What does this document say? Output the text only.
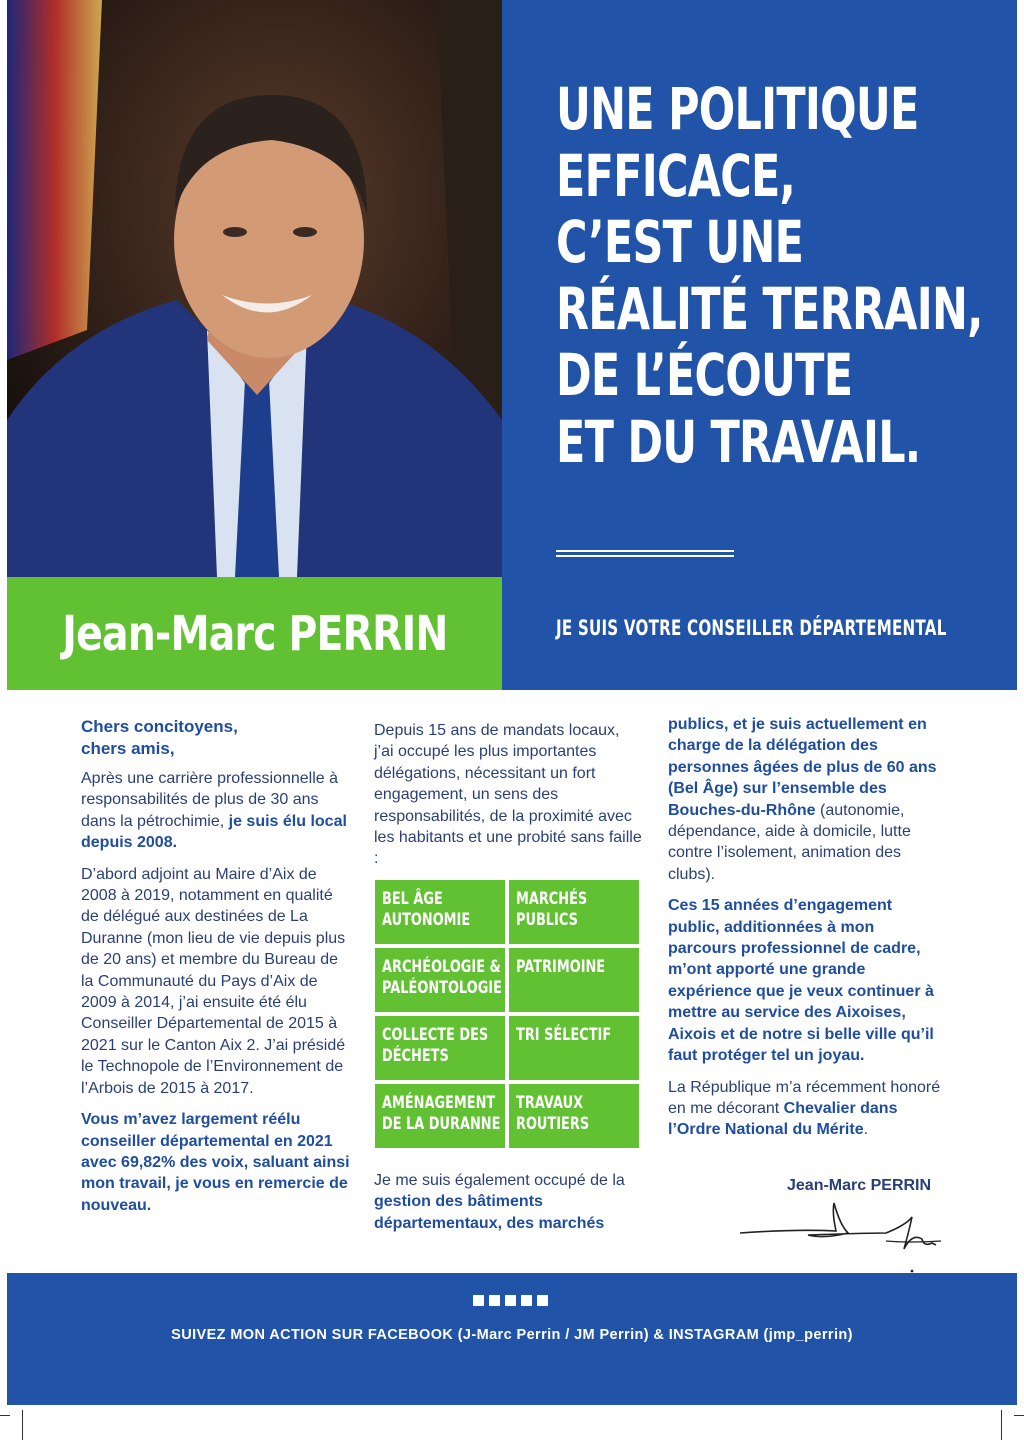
Jean-Marc PERRIN
UNE POLITIQUE
EFFICACE,
C’EST UNE
RÉALITÉ TERRAIN,
DE L’ÉCOUTE
ET DU TRAVAIL.
JE SUIS VOTRE CONSEILLER DÉPARTEMENTAL

Chers concitoyens,
chers amis,

Après une carrière professionnelle à responsabilités de plus de 30 ans dans la pétrochimie, je suis élu local depuis 2008.

D’abord adjoint au Maire d’Aix de 2008 à 2019, notamment en qualité de délégué aux destinées de La Duranne (mon lieu de vie depuis plus de 20 ans) et membre du Bureau de la Communauté du Pays d’Aix de 2009 à 2014, j’ai ensuite été élu Conseiller Départemental de 2015 à 2021 sur le Canton Aix 2. J’ai présidé le Technopole de l’Environnement de l’Arbois de 2015 à 2017.

Vous m’avez largement réélu conseiller départemental en 2021 avec 69,82% des voix, saluant ainsi mon travail, je vous en remercie de nouveau.

Depuis 15 ans de mandats locaux, j’ai occupé les plus importantes délégations, nécessitant un fort engagement, un sens des responsabilités, de la proximité avec les habitants et une probité sans faille :

BEL ÂGE
AUTONOMIE
MARCHÉS
PUBLICS
ARCHÉOLOGIE &
PALÉONTOLOGIE
PATRIMOINE
COLLECTE DES
DÉCHETS
TRI SÉLECTIF
AMÉNAGEMENT
DE LA DURANNE
TRAVAUX
ROUTIERS
Je me suis également occupé de la gestion des bâtiments départementaux, des marchés

publics, et je suis actuellement en charge de la délégation des personnes âgées de plus de 60 ans (Bel Âge) sur l’ensemble des Bouches-du-Rhône (autonomie, dépendance, aide à domicile, lutte contre l’isolement, animation des clubs).

Ces 15 années d’engagement public, additionnées à mon parcours professionnel de cadre, m’ont apporté une grande expérience que je veux continuer à mettre au service des Aixoises, Aixois et de notre si belle ville qu’il faut protéger tel un joyau.

La République m’a récemment honoré en me décorant Chevalier dans l’Ordre National du Mérite.

Jean-Marc PERRIN
SUIVEZ MON ACTION SUR FACEBOOK (J-Marc Perrin / JM Perrin) & INSTAGRAM (jmp_perrin)
